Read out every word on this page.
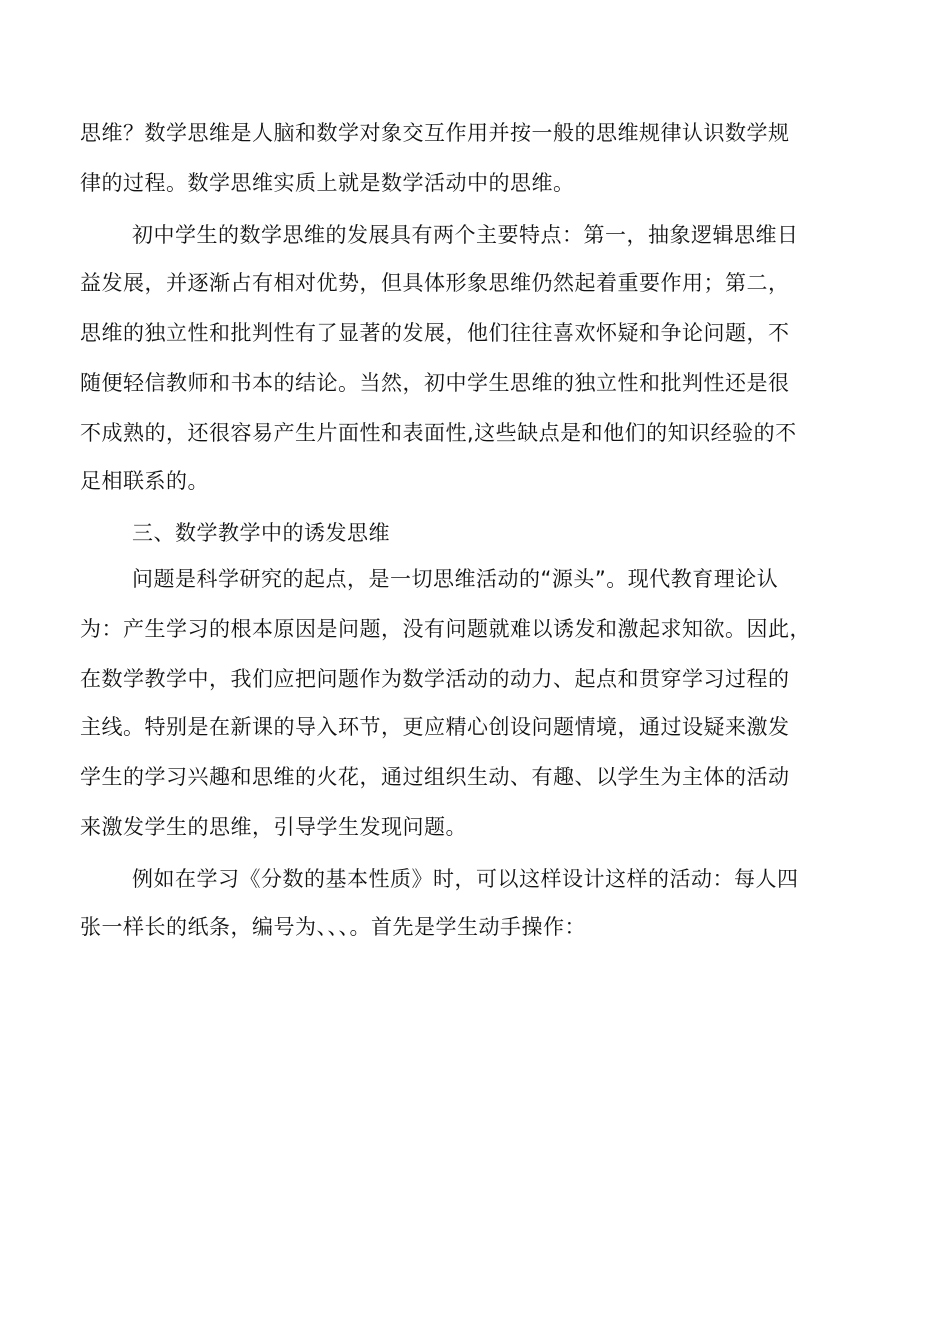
思维？数学思维是人脑和数学对象交互作用并按一般的思维规律认识数学规

律的过程。数学思维实质上就是数学活动中的思维。

初中学生的数学思维的发展具有两个主要特点：第一，抽象逻辑思维日

益发展，并逐渐占有相对优势，但具体形象思维仍然起着重要作用；第二，

思维的独立性和批判性有了显著的发展，他们往往喜欢怀疑和争论问题，不

随便轻信教师和书本的结论。当然，初中学生思维的独立性和批判性还是很

不成熟的，还很容易产生片面性和表面性,这些缺点是和他们的知识经验的不

足相联系的。

三、数学教学中的诱发思维

问题是科学研究的起点，是一切思维活动的“源头”。现代教育理论认

为：产生学习的根本原因是问题，没有问题就难以诱发和激起求知欲。因此，

在数学教学中，我们应把问题作为数学活动的动力、起点和贯穿学习过程的

主线。特别是在新课的导入环节，更应精心创设问题情境，通过设疑来激发

学生的学习兴趣和思维的火花，通过组织生动、有趣、以学生为主体的活动

来激发学生的思维，引导学生发现问题。

例如在学习《分数的基本性质》时，可以这样设计这样的活动：每人四

张一样长的纸条，编号为、、、。首先是学生动手操作：
